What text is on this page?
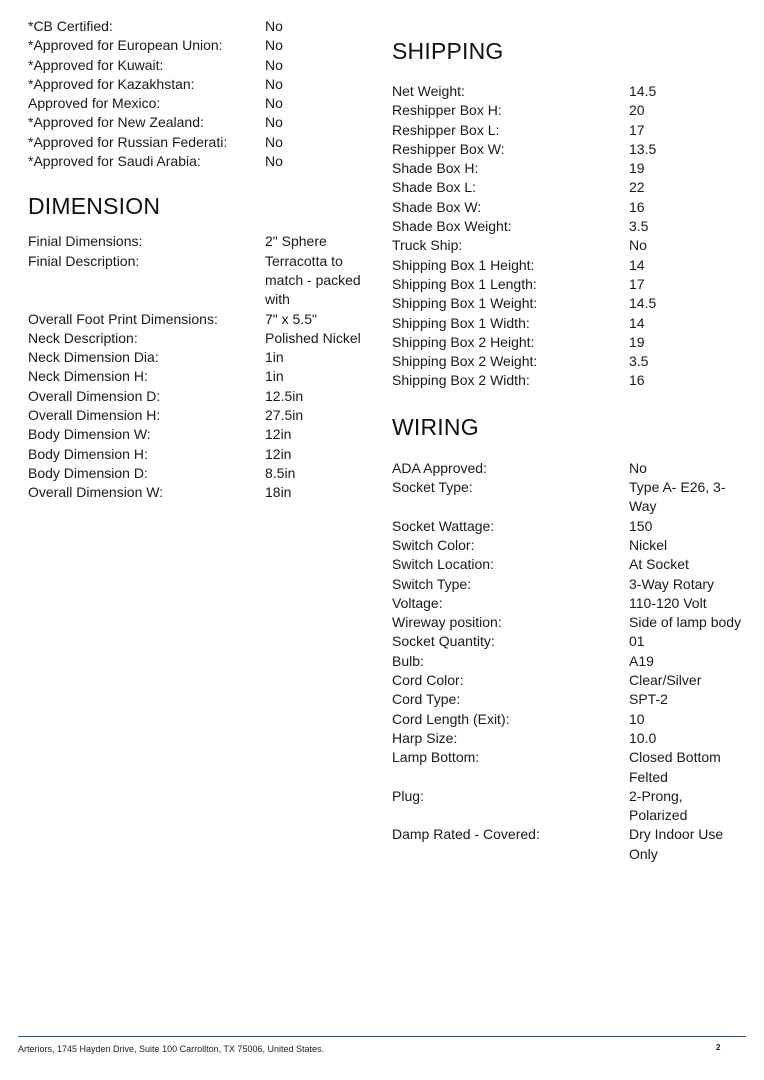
*CB Certified:	No
*Approved for European Union:	No
*Approved for Kuwait:	No
*Approved for Kazakhstan:	No
Approved for Mexico:	No
*Approved for New Zealand:	No
*Approved for Russian Federati:	No
*Approved for Saudi Arabia:	No
DIMENSION
Finial Dimensions:	2" Sphere
Finial Description:	Terracotta to match - packed with
Overall Foot Print Dimensions:	7" x 5.5"
Neck Description:	Polished Nickel
Neck Dimension Dia:	1in
Neck Dimension H:	1in
Overall Dimension D:	12.5in
Overall Dimension H:	27.5in
Body Dimension W:	12in
Body Dimension H:	12in
Body Dimension D:	8.5in
Overall Dimension W:	18in
SHIPPING
Net Weight:	14.5
Reshipper Box H:	20
Reshipper Box L:	17
Reshipper Box W:	13.5
Shade Box H:	19
Shade Box L:	22
Shade Box W:	16
Shade Box Weight:	3.5
Truck Ship:	No
Shipping Box 1 Height:	14
Shipping Box 1 Length:	17
Shipping Box 1 Weight:	14.5
Shipping Box 1 Width:	14
Shipping Box 2 Height:	19
Shipping Box 2 Weight:	3.5
Shipping Box 2 Width:	16
WIRING
ADA Approved:	No
Socket Type:	Type A- E26, 3-Way
Socket Wattage:	150
Switch Color:	Nickel
Switch Location:	At Socket
Switch Type:	3-Way Rotary
Voltage:	110-120 Volt
Wireway position:	Side of lamp body
Socket Quantity:	01
Bulb:	A19
Cord Color:	Clear/Silver
Cord Type:	SPT-2
Cord Length (Exit):	10
Harp Size:	10.0
Lamp Bottom:	Closed Bottom Felted
Plug:	2-Prong, Polarized
Damp Rated - Covered:	Dry Indoor Use Only
Arteriors, 1745 Hayden Drive, Suite 100 Carrollton, TX 75006, United States.	2
